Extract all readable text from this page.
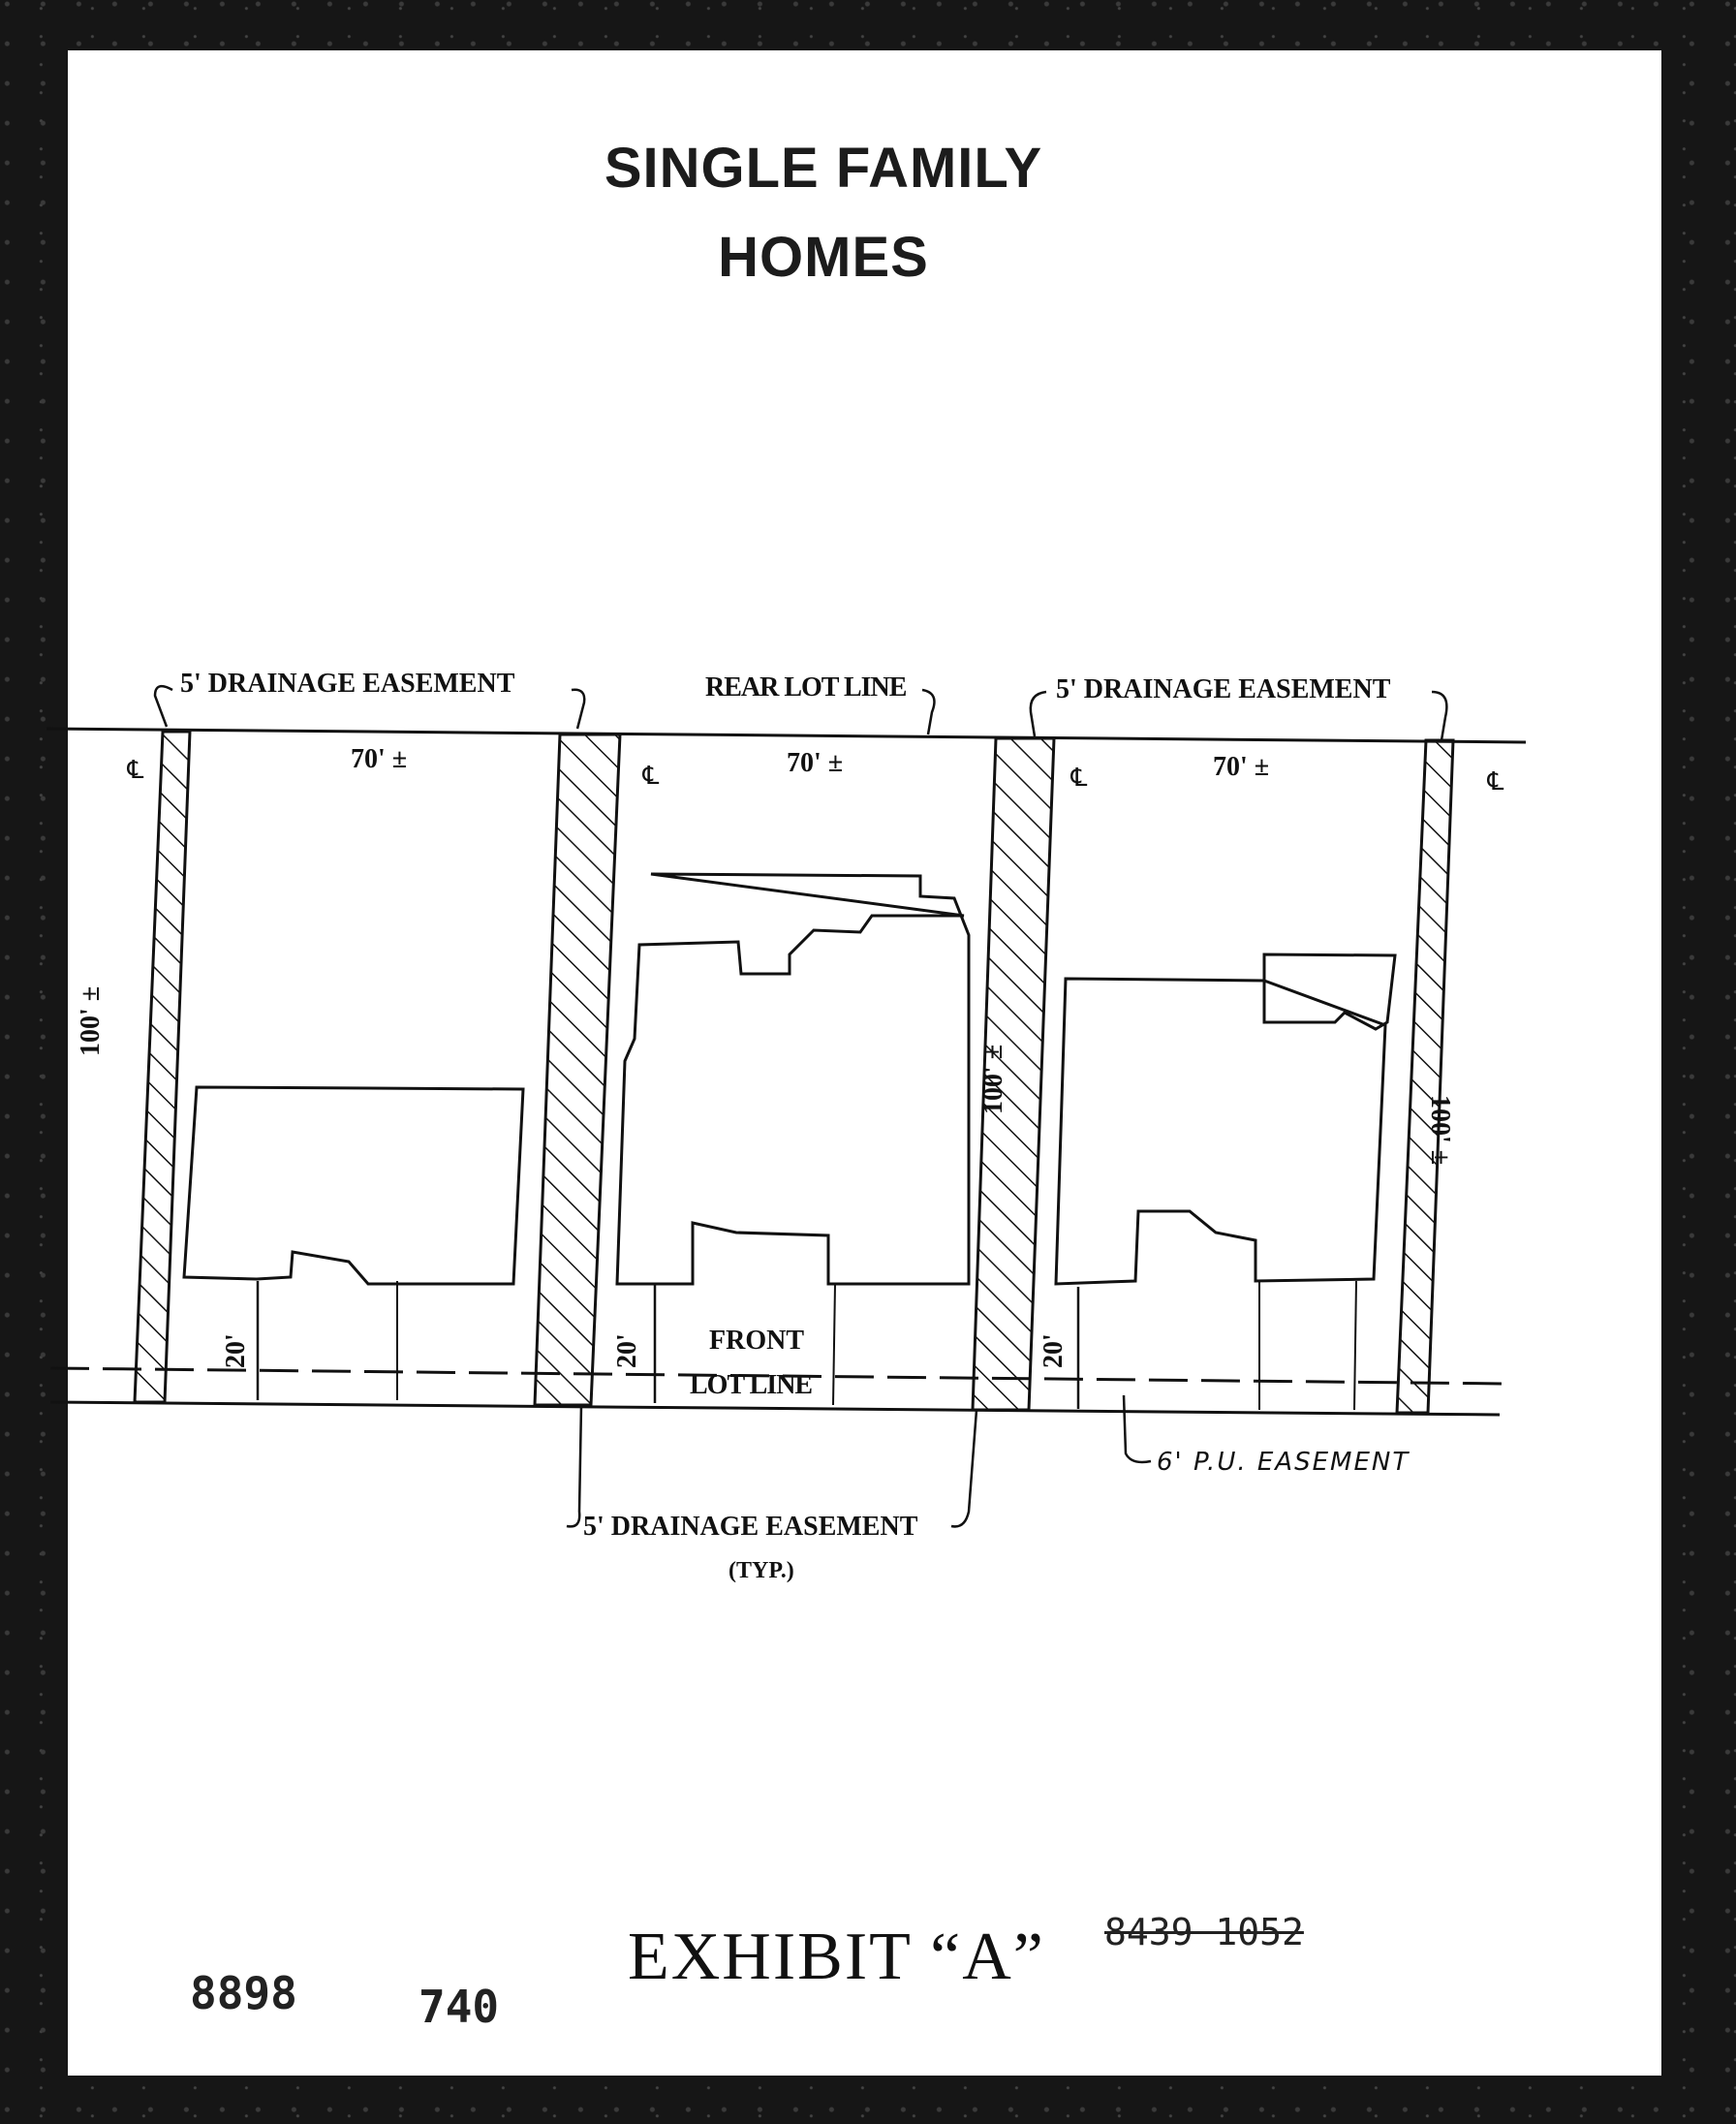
SINGLE FAMILY
HOMES
5' DRAINAGE EASEMENT	REAR LOT LINE	5' DRAINAGE EASEMENT
70' ±	70' ±	70' ±
℄	℄	℄	℄
100' ±
100' ±
100' ±
20'	20'	20'
FRONT
LOT LINE
5' DRAINAGE EASEMENT
(TYP.)
6' P.U. EASEMENT
EXHIBIT “A” 8439 1052
8898	740
